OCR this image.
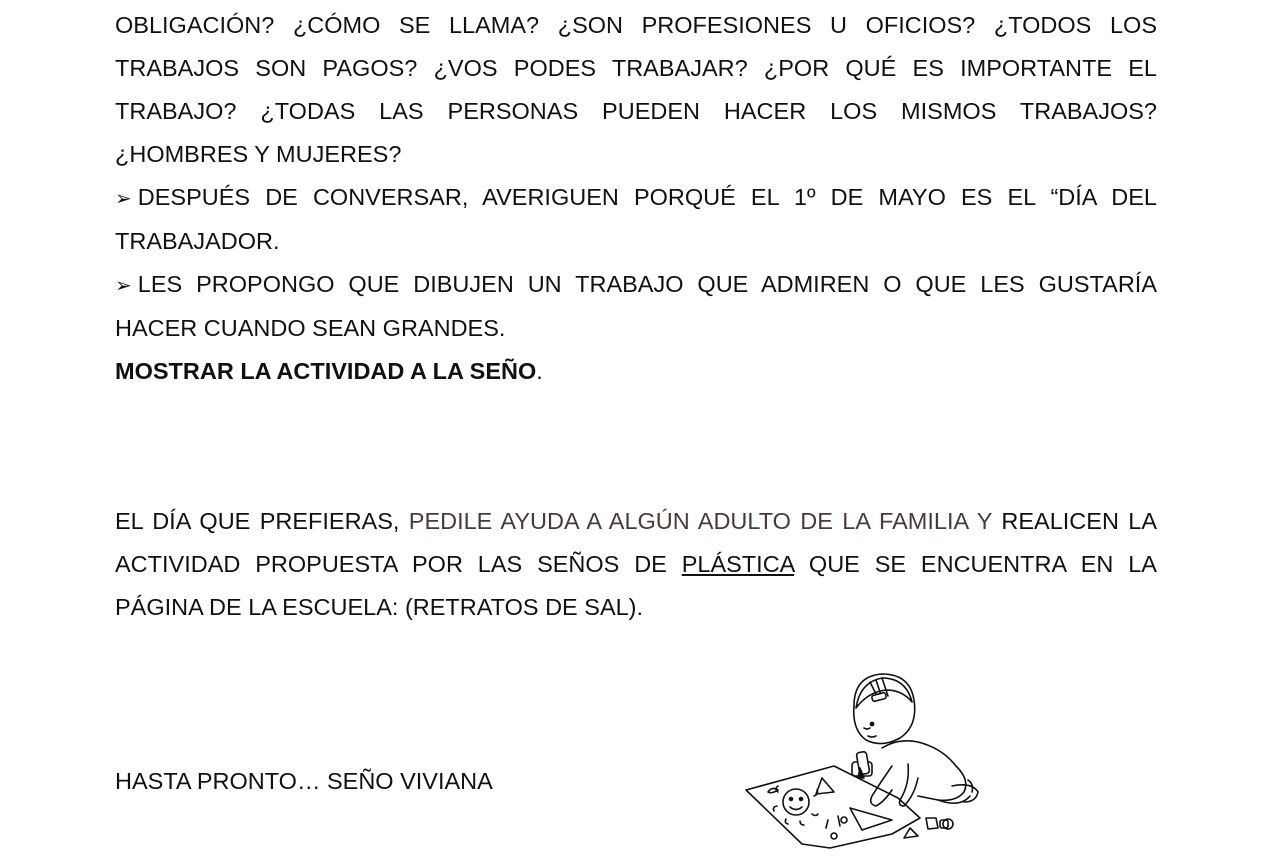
OBLIGACIÓN? ¿CÓMO SE LLAMA? ¿SON PROFESIONES U OFICIOS? ¿TODOS LOS TRABAJOS SON PAGOS? ¿VOS PODES TRABAJAR? ¿POR QUÉ ES IMPORTANTE EL TRABAJO? ¿TODAS LAS PERSONAS PUEDEN HACER LOS MISMOS TRABAJOS? ¿HOMBRES Y MUJERES?

➢ DESPUÉS DE CONVERSAR, AVERIGUEN PORQUÉ EL 1º DE MAYO ES EL “DÍA DEL TRABAJADOR.

➢ LES PROPONGO QUE DIBUJEN UN TRABAJO QUE ADMIREN O QUE LES GUSTARÍA HACER CUANDO SEAN GRANDES.

MOSTRAR LA ACTIVIDAD A LA SEÑO.

EL DÍA QUE PREFIERAS, PEDILE AYUDA A ALGÚN ADULTO DE LA FAMILIA Y REALICEN LA ACTIVIDAD PROPUESTA POR LAS SEÑOS DE PLÁSTICA QUE SE ENCUENTRA EN LA PÁGINA DE LA ESCUELA: (RETRATOS DE SAL).

HASTA PRONTO… SEÑO VIVIANA
